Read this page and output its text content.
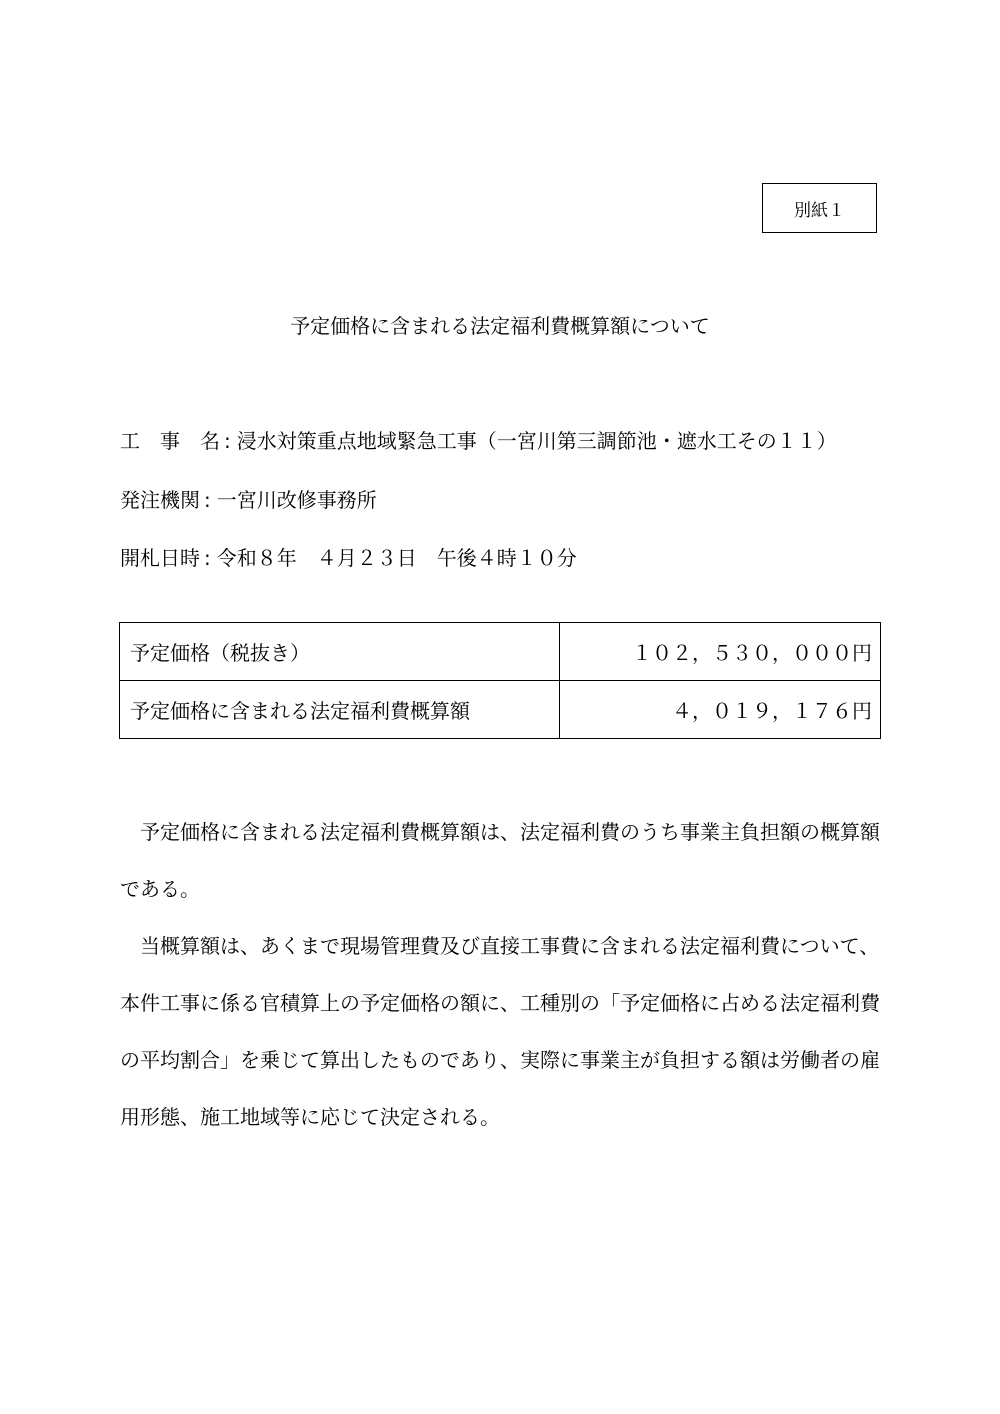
別紙１
予定価格に含まれる法定福利費概算額について
工　事　名 : 浸水対策重点地域緊急工事（一宮川第三調節池・遮水工その１１）
発注機関 : 一宮川改修事務所
開札日時 : 令和８年　４月２３日　午後４時１０分
予定価格（税抜き）	１０２，５３０，０００円
予定価格に含まれる法定福利費概算額	４，０１９，１７６円

　予定価格に含まれる法定福利費概算額は、法定福利費のうち事業主負担額の概算額である。

　当概算額は、あくまで現場管理費及び直接工事費に含まれる法定福利費について、本件工事に係る官積算上の予定価格の額に、工種別の「予定価格に占める法定福利費の平均割合」を乗じて算出したものであり、実際に事業主が負担する額は労働者の雇用形態、施工地域等に応じて決定される。
